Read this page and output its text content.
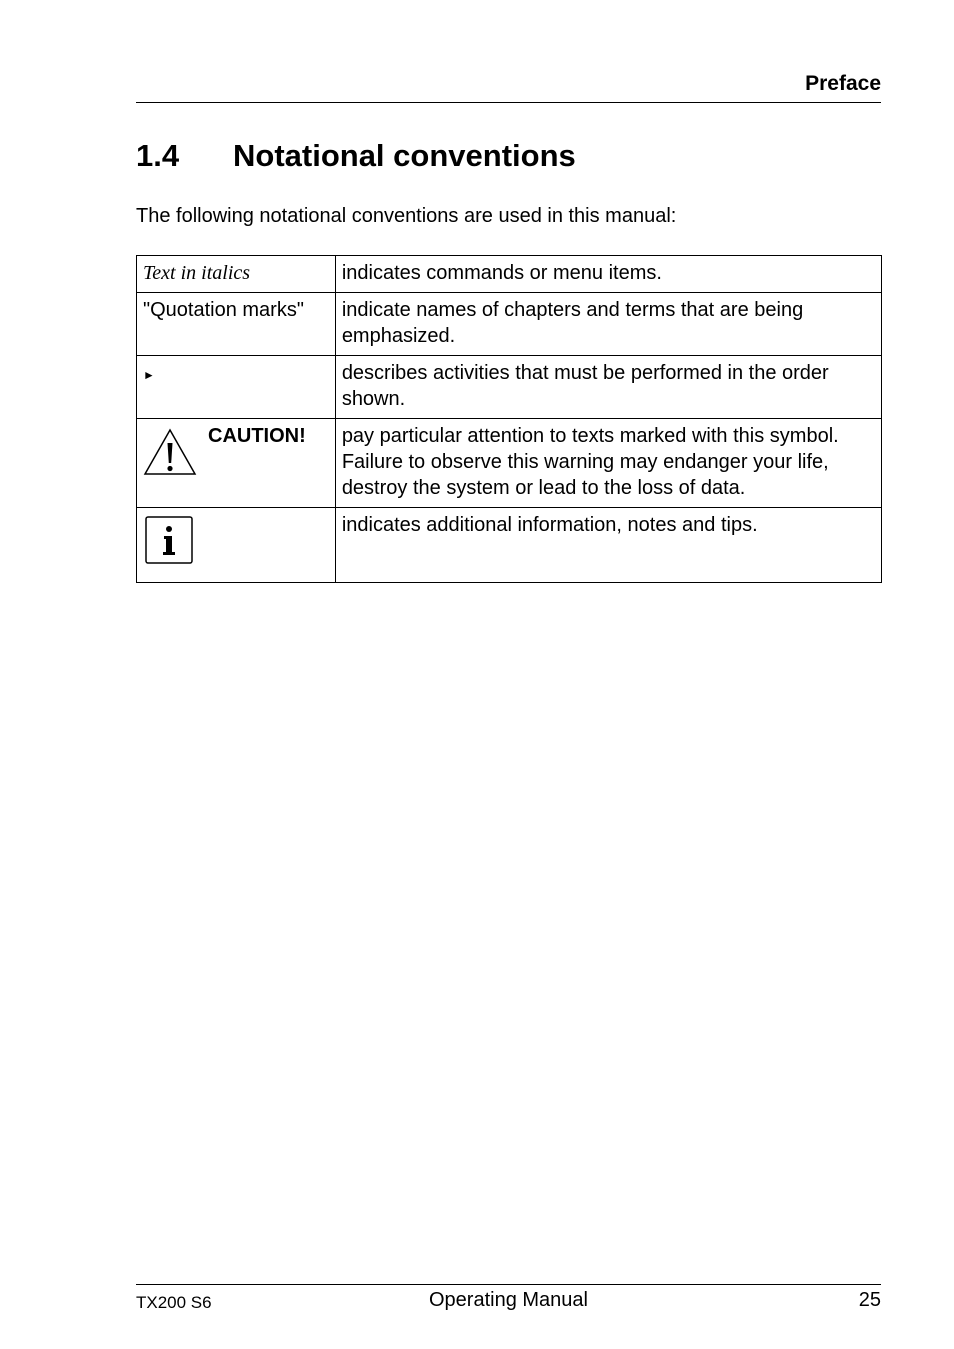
Preface
1.4 Notational conventions
The following notational conventions are used in this manual:
Text in italics	indicates commands or menu items.
"Quotation marks"	indicate names of chapters and terms that are being emphasized.
►	describes activities that must be performed in the order shown.

CAUTION!	pay particular attention to texts marked with this symbol. Failure to observe this warning may endanger your life, destroy the system or lead to the loss of data.

	indicates additional information, notes and tips.
TX200 S6	Operating Manual	25
